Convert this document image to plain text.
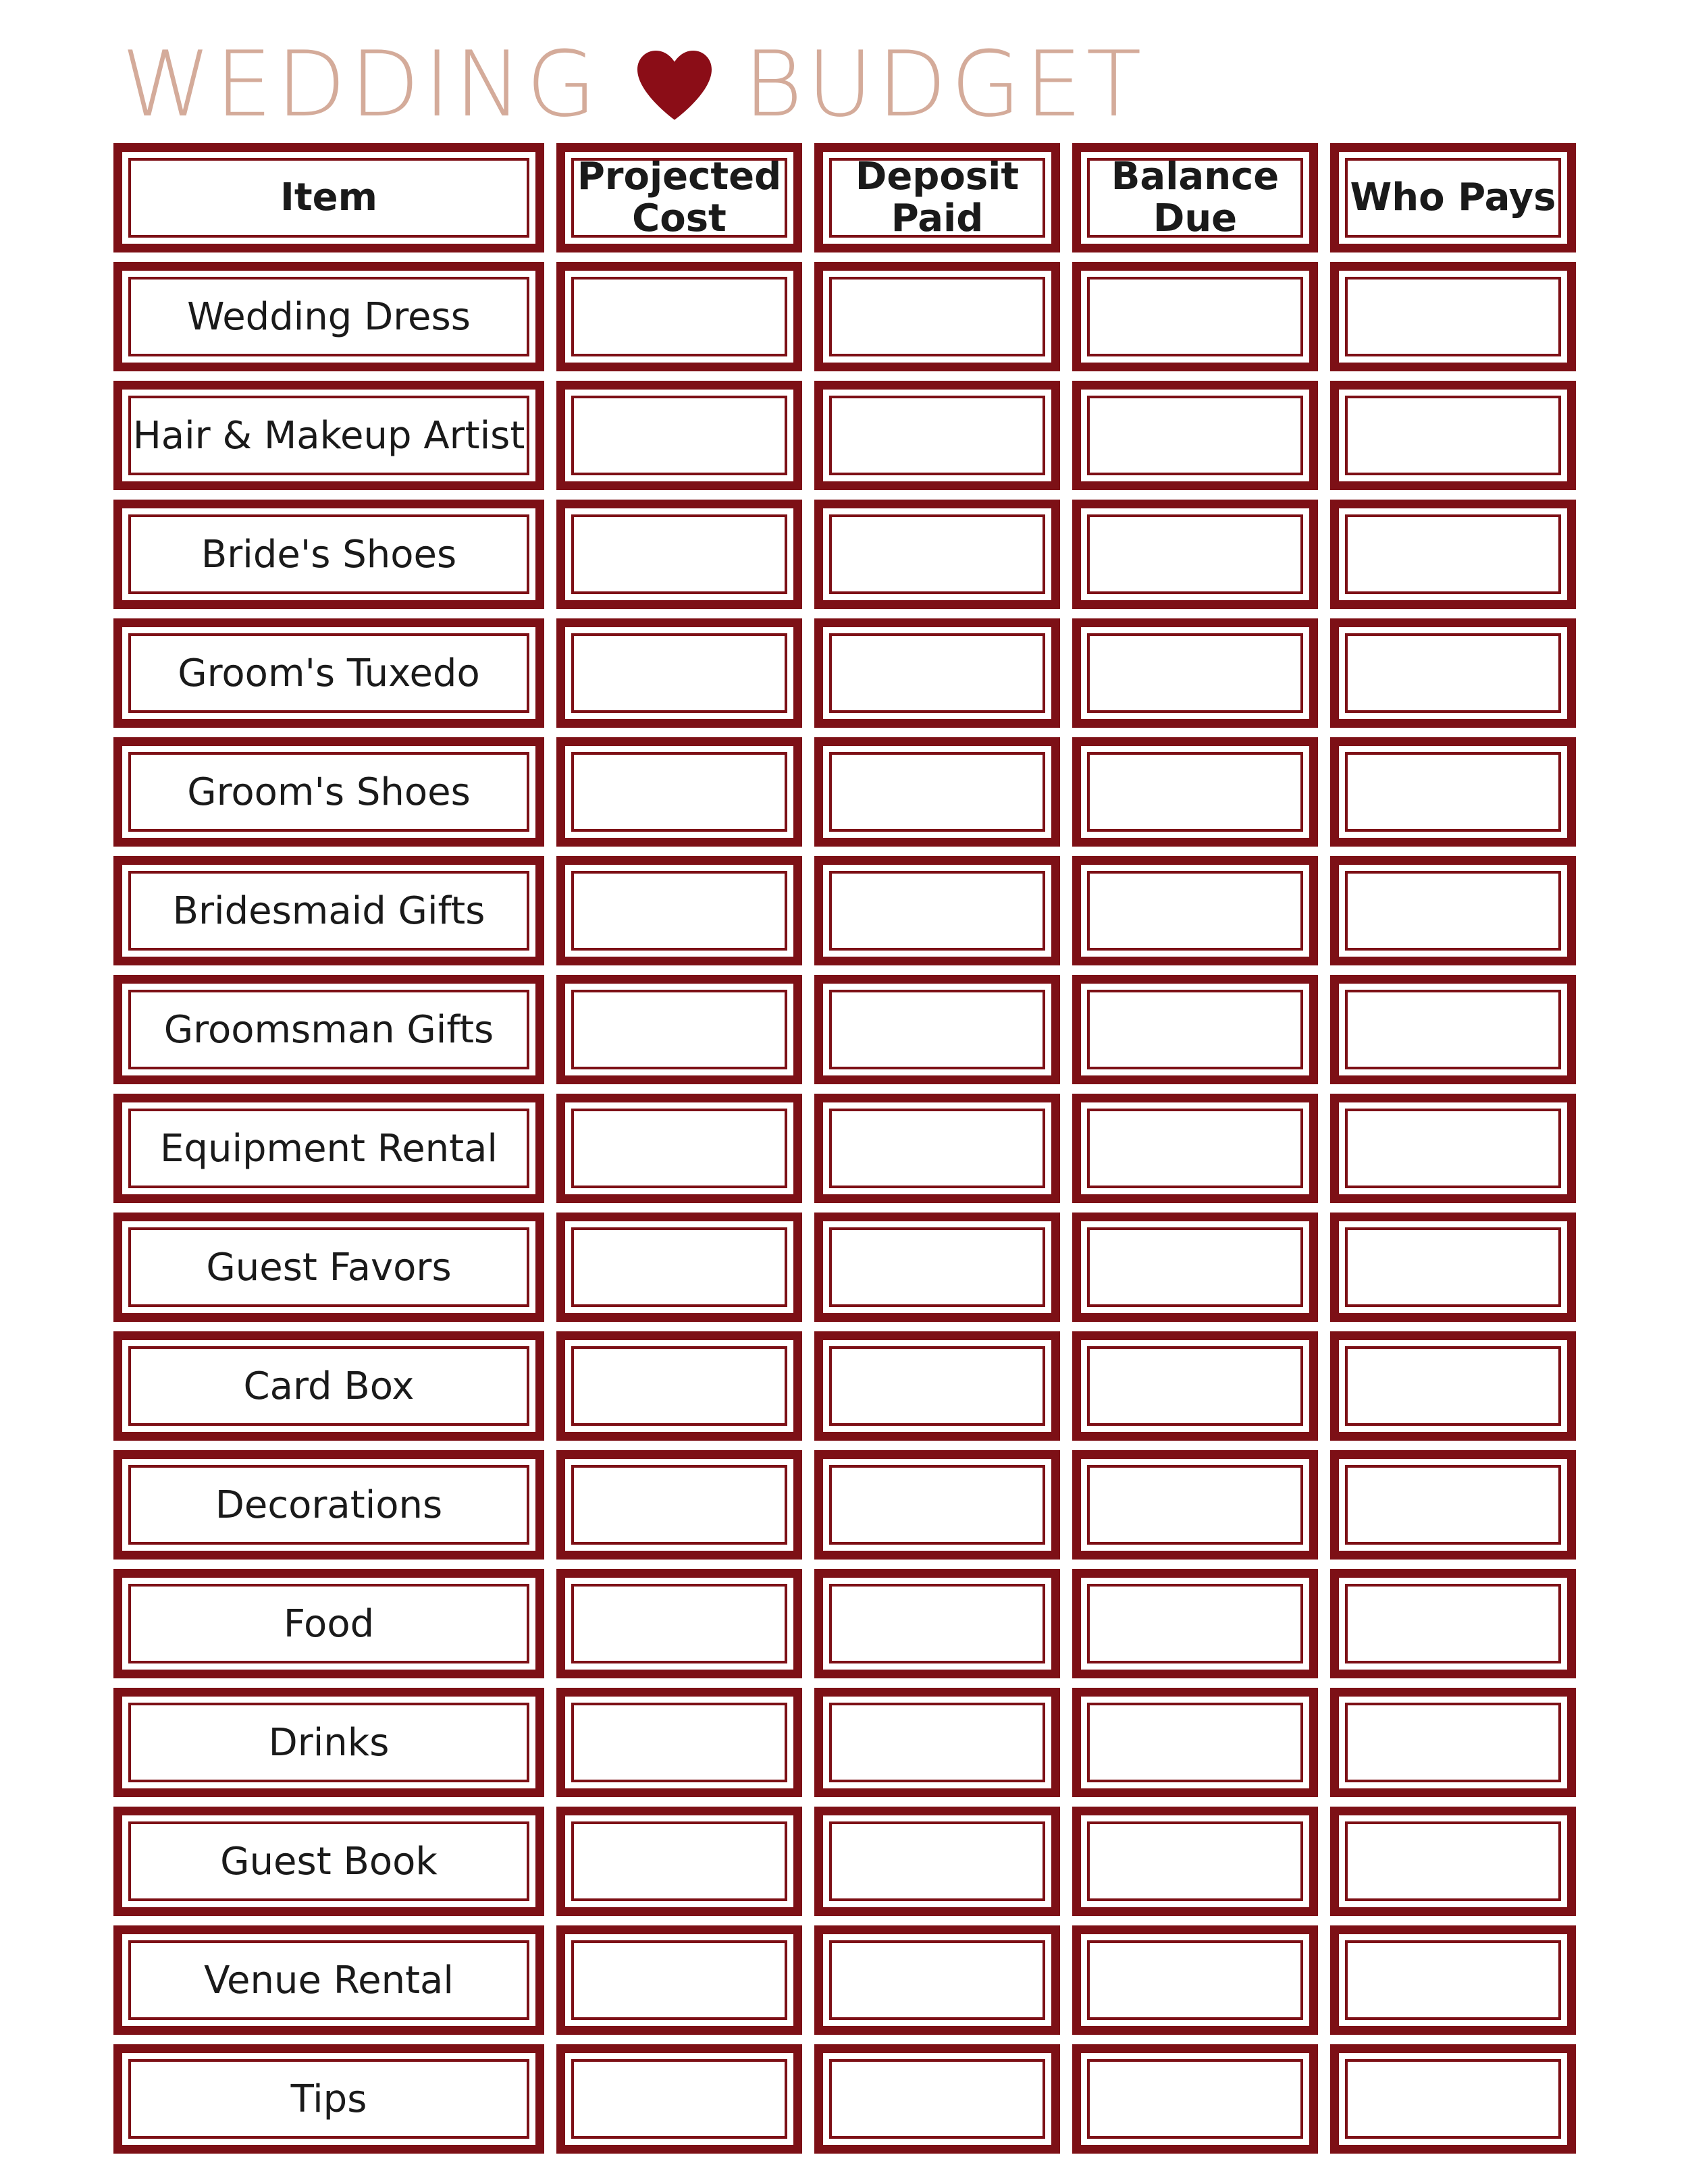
WEDDING BUDGET
Item	Projected
Cost
Deposit
Paid
Balance
Due	Who Pays
Wedding Dress
Hair & Makeup Artist
Bride's Shoes
Groom's Tuxedo
Groom's Shoes
Bridesmaid Gifts
Groomsman Gifts
Equipment Rental
Guest Favors
Card Box
Decorations
Food
Drinks
Guest Book
Venue Rental
Tips
